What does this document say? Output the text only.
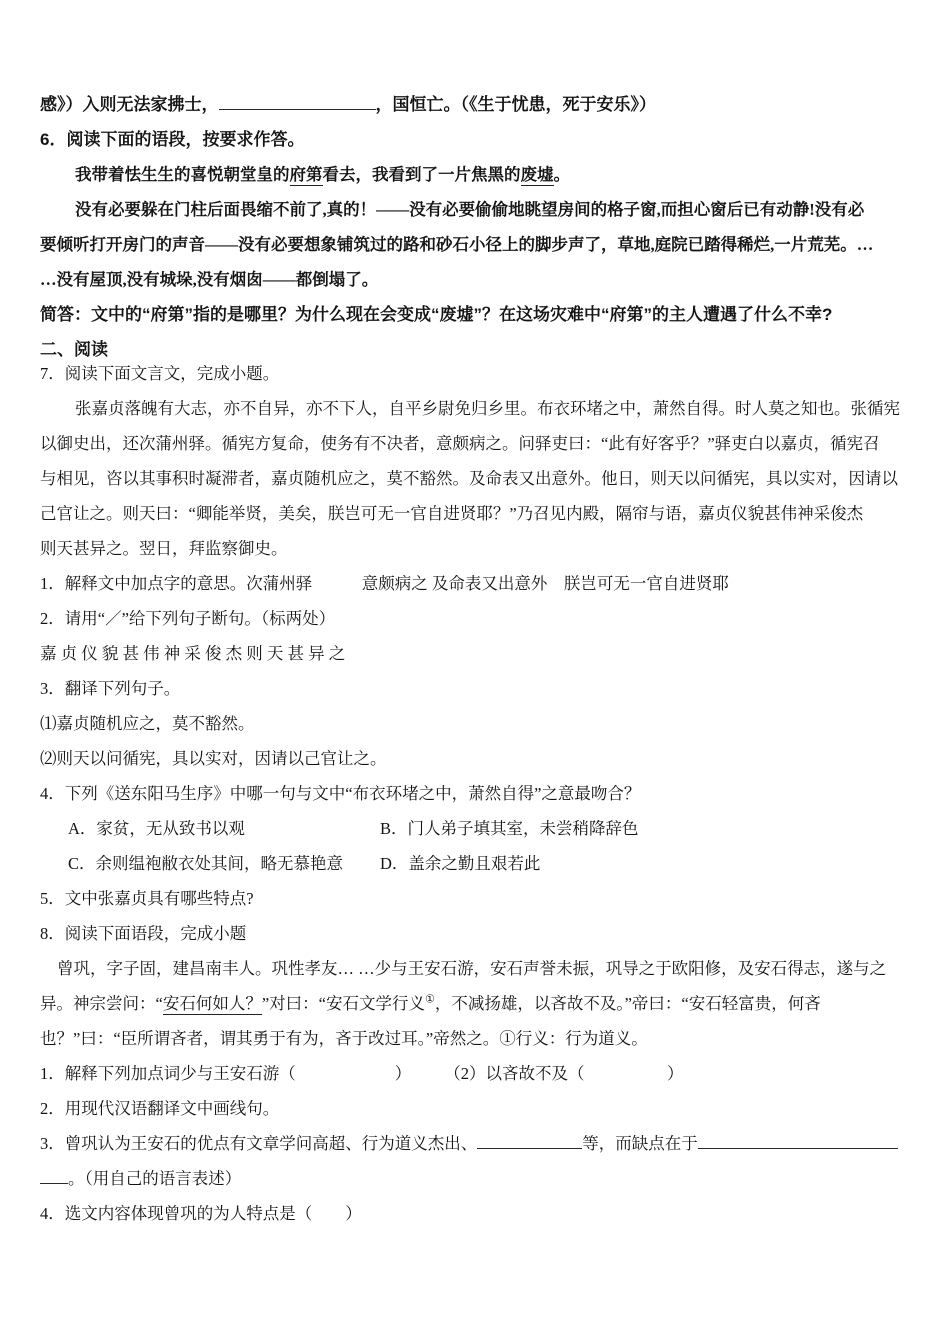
感》）入则无法家拂士，	，国恒亡。（《生于忧患，死于安乐》）
6．阅读下面的语段，按要求作答。
我带着怯生生的喜悦朝堂皇的府第看去，我看到了一片焦黑的废墟。
没有必要躲在门柱后面畏缩不前了,真的！——没有必要偷偷地眺望房间的格子窗,而担心窗后已有动静!没有必
要倾听打开房门的声音——没有必要想象铺筑过的路和砂石小径上的脚步声了，草地,庭院已踏得稀烂,一片荒芜。…
…没有屋顶,没有城垛,没有烟囱——都倒塌了。
简答：文中的“府第”指的是哪里？为什么现在会变成“废墟”？在这场灾难中“府第”的主人遭遇了什么不幸?
二、阅读
7．阅读下面文言文，完成小题。
张嘉贞落魄有大志，亦不自异，亦不下人，自平乡尉免归乡里。布衣环堵之中，萧然自得。时人莫之知也。张循宪
以御史出，还次蒲州驿。循宪方复命，使务有不决者，意颇病之。问驿吏曰：“此有好客乎？”驿吏白以嘉贞，循宪召
与相见，咨以其事积时凝滞者，嘉贞随机应之，莫不豁然。及命表又出意外。他日，则天以问循宪，具以实对，因请以
己官让之。则天曰：“卿能举贤，美矣，朕岂可无一官自进贤耶？”乃召见内殿，隔帘与语，嘉贞仪貌甚伟神采俊杰
则天甚异之。翌日，拜监察御史。
1．解释文中加点字的意思。次蒲州驿　　　意颇病之 及命表又出意外　朕岂可无一官自进贤耶
2．请用“／”给下列句子断句。（标两处）
嘉 贞 仪 貌 甚 伟 神 采 俊 杰 则 天 甚 异 之
3．翻译下列句子。
⑴嘉贞随机应之，莫不豁然。
⑵则天以问循宪，具以实对，因请以己官让之。
4．下列《送东阳马生序》中哪一句与文中“布衣环堵之中，萧然自得”之意最吻合？
A．家贫，无从致书以观	B．门人弟子填其室，未尝稍降辞色
C．余则缊袍敝衣处其间，略无慕艳意 D．盖余之勤且艰若此
5．文中张嘉贞具有哪些特点?
8．阅读下面语段，完成小题
曾巩，字子固，建昌南丰人。巩性孝友… …少与王安石游，安石声誉未振，巩导之于欧阳修，及安石得志，遂与之
异。神宗尝问：“安石何如人？”对曰：“安石文学行义①，不减扬雄，以吝故不及。”帝曰：“安石轻富贵，何吝
也？”曰：“臣所谓吝者，谓其勇于有为，吝于改过耳。”帝然之。①行义：行为道义。
1．解释下列加点词少与王安石游（　　　　　　）　　　（2）以吝故不及（　　　　　）
2．用现代汉语翻译文中画线句。
3．曾巩认为王安石的优点有文章学问高超、行为道义杰出、	等，而缺点在于
。（用自己的语言表述）
4．选文内容体现曾巩的为人特点是（　　）
